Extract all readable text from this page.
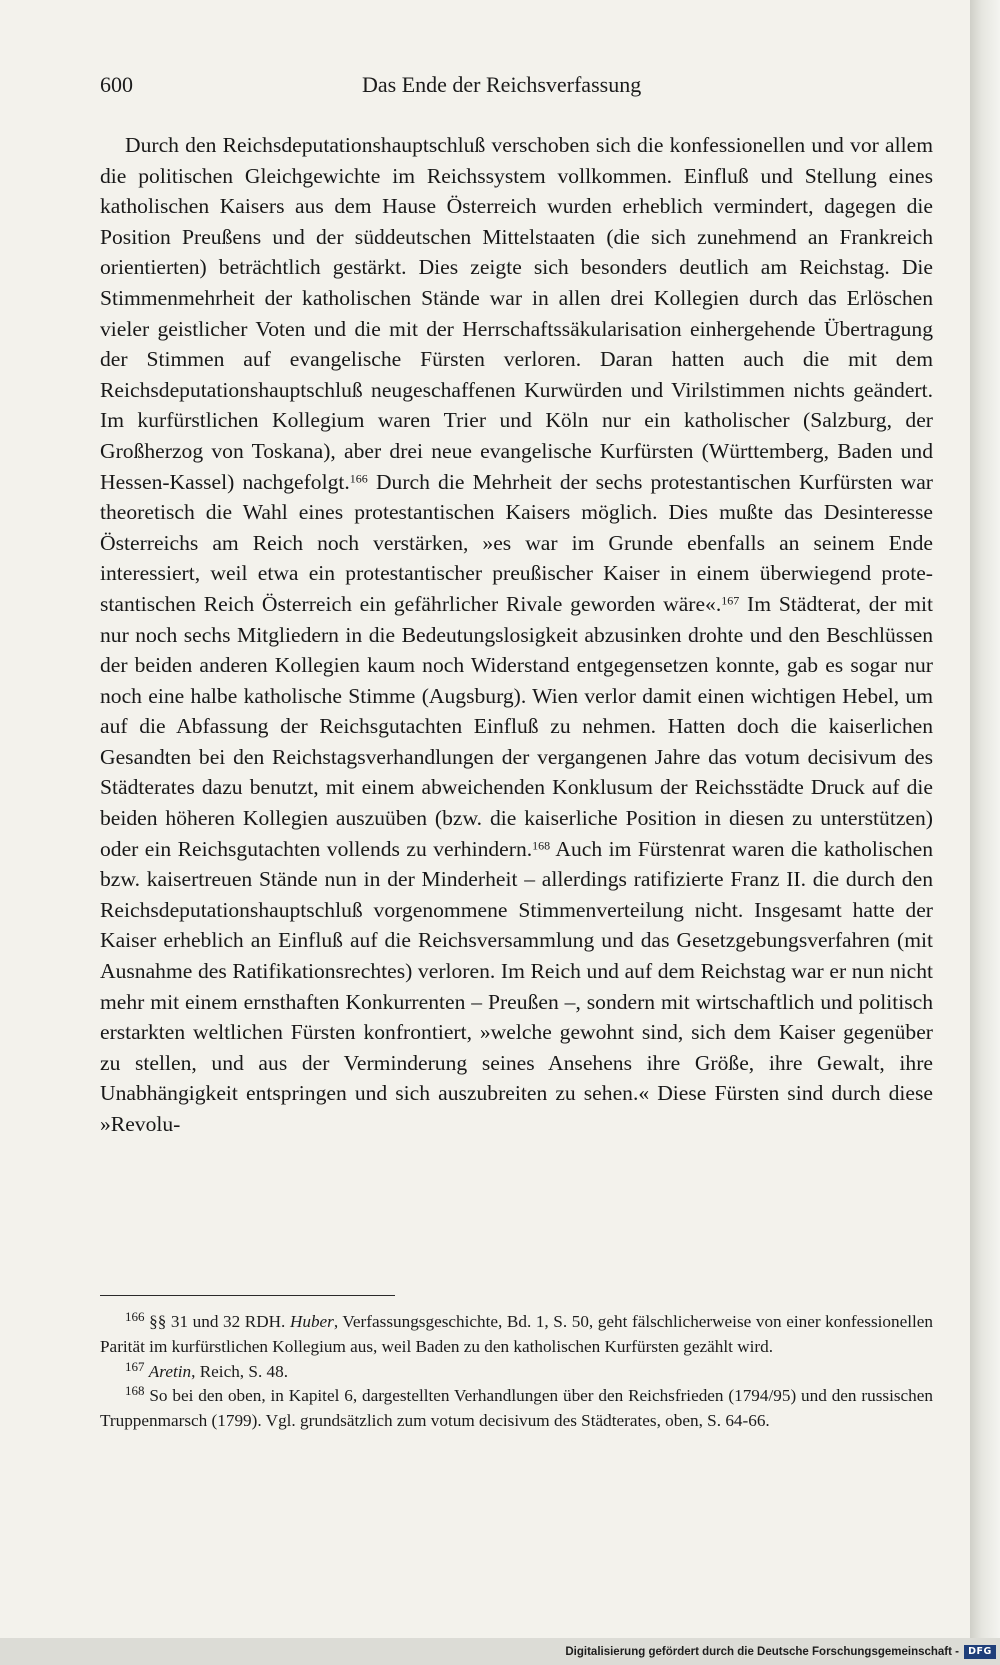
600	Das Ende der Reichsverfassung

Durch den Reichsdeputationshauptschluß verschoben sich die konfessionellen und vor allem die politischen Gleichgewichte im Reichssystem vollkommen. Einfluß und Stellung eines katholischen Kaisers aus dem Hause Österreich wurden erheblich vermindert, dagegen die Position Preußens und der süddeutschen Mittelstaaten (die sich zunehmend an Frankreich orientierten) beträchtlich gestärkt. Dies zeigte sich besonders deutlich am Reichstag. Die Stimmenmehrheit der katholischen Stände war in allen drei Kollegien durch das Erlöschen vieler geistlicher Voten und die mit der Herrschaftssäkularisation einhergehende Übertragung der Stimmen auf evangelische Fürsten verloren. Daran hatten auch die mit dem Reichsdeputationshauptschluß neugeschaffenen Kurwürden und Virilstimmen nichts geändert. Im kurfürstlichen Kollegium waren Trier und Köln nur ein katholischer (Salzburg, der Großherzog von Toskana), aber drei neue evangelische Kurfürsten (Württemberg, Baden und Hessen-Kassel) nachgefolgt.$^{166}$ Durch die Mehrheit der sechs protestantischen Kurfürsten war theoretisch die Wahl eines protestantischen Kaisers möglich. Dies mußte das Desinteresse Österreichs am Reich noch verstärken, »es war im Grunde ebenfalls an seinem Ende interessiert, weil etwa ein protestantischer preußischer Kaiser in einem überwiegend protestantischen Reich Österreich ein gefährlicher Rivale geworden wäre«.$^{167}$ Im Städterat, der mit nur noch sechs Mitgliedern in die Bedeutungslosigkeit abzusinken drohte und den Beschlüssen der beiden anderen Kollegien kaum noch Widerstand entgegensetzen konnte, gab es sogar nur noch eine halbe katholische Stimme (Augsburg). Wien verlor damit einen wichtigen Hebel, um auf die Abfassung der Reichsgutachten Einfluß zu nehmen. Hatten doch die kaiserlichen Gesandten bei den Reichstagsverhandlungen der vergangenen Jahre das votum decisivum des Städterates dazu benutzt, mit einem abweichenden Konklusum der Reichsstädte Druck auf die beiden höheren Kollegien auszuüben (bzw. die kaiserliche Position in diesen zu unterstützen) oder ein Reichsgutachten vollends zu verhindern.$^{168}$ Auch im Fürstenrat waren die katholischen bzw. kaisertreuen Stände nun in der Minderheit – allerdings ratifizierte Franz II. die durch den Reichsdeputationshauptschluß vorgenommene Stimmenverteilung nicht. Insgesamt hatte der Kaiser erheblich an Einfluß auf die Reichsversammlung und das Gesetzgebungsverfahren (mit Ausnahme des Ratifikationsrechtes) verloren. Im Reich und auf dem Reichstag war er nun nicht mehr mit einem ernsthaften Konkurrenten – Preußen –, sondern mit wirtschaftlich und politisch erstarkten weltlichen Fürsten konfrontiert, »welche gewohnt sind, sich dem Kaiser gegenüber zu stellen, und aus der Verminderung seines Ansehens ihre Größe, ihre Gewalt, ihre Unabhängigkeit entspringen und sich auszubreiten zu sehen.« Diese Fürsten sind durch diese »Revolu-

$^{166}$ §§ 31 und 32 RDH. Huber, Verfassungsgeschichte, Bd. 1, S. 50, geht fälschlicherweise von einer konfessionellen Parität im kurfürstlichen Kollegium aus, weil Baden zu den katholischen Kurfürsten gezählt wird.

$^{167}$ Aretin, Reich, S. 48.

$^{168}$ So bei den oben, in Kapitel 6, dargestellten Verhandlungen über den Reichsfrieden (1794/95) und den russischen Truppenmarsch (1799). Vgl. grundsätzlich zum votum decisivum des Städterates, oben, S. 64-66.

Digitalisierung gefördert durch die Deutsche Forschungsgemeinschaft - DFG
